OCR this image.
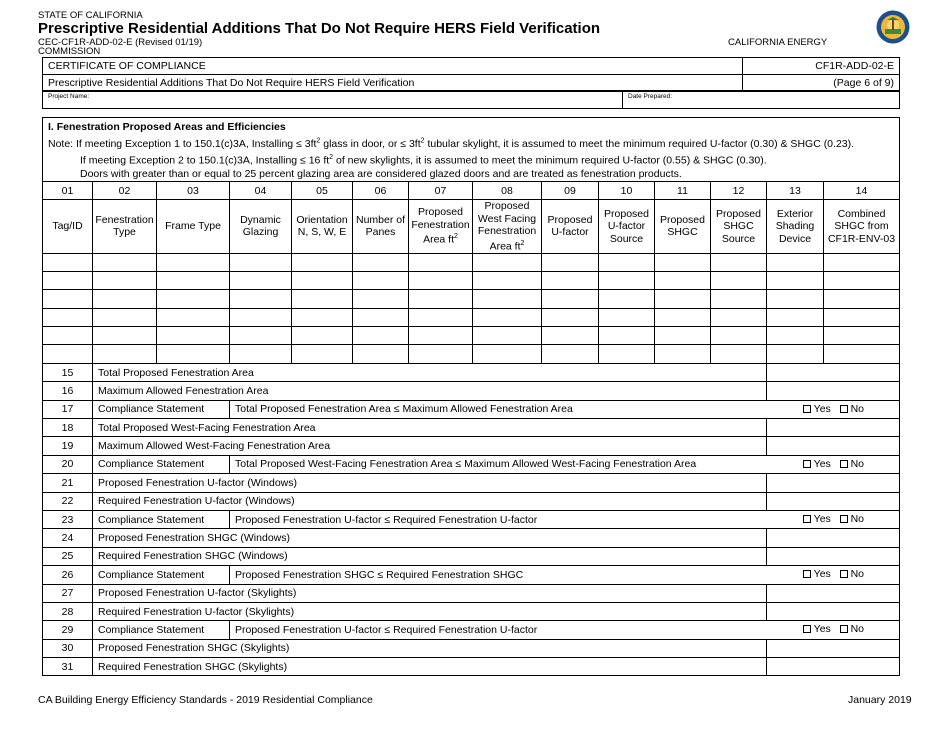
STATE OF CALIFORNIA
Prescriptive Residential Additions That Do Not Require HERS Field Verification
CEC-CF1R-ADD-02-E (Revised 01/19)
COMMISSION
CALIFORNIA ENERGY
CERTIFICATE OF COMPLIANCE	CF1R-ADD-02-E
Prescriptive Residential Additions That Do Not Require HERS Field Verification	(Page 6 of 9)
Project Name:	Date Prepared:
I. Fenestration Proposed Areas and Efficiencies
Note: If meeting Exception 1 to 150.1(c)3A, Installing ≤ $3ft^2$ glass in door, or ≤ $3ft^2$ tubular skylight, it is assumed to meet the minimum required U-factor (0.30) & SHGC (0.23).
If meeting Exception 2 to 150.1(c)3A, Installing ≤ 16 $ft^2$ of new skylights, it is assumed to meet the minimum required U-factor (0.55) & SHGC (0.30).
Doors with greater than or equal to 25 percent glazing area are considered glazed doors and are treated as fenestration products.													

01	02	03	04	05	06	07	08	09	10	11	12	13	14
Tag/ID	Fenestration Type	Frame Type	Dynamic Glazing	Orientation N, S, W, E	Number of Panes	Proposed Fenestration Area $ft^2$	Proposed West Facing Fenestration Area $ft^2$	Proposed U-factor	Proposed U-factor Source	Proposed SHGC	Proposed SHGC Source	Exterior Shading Device	Combined SHGC from CF1R-ENV-03

15	Total Proposed Fenestration Area												
16	Maximum Allowed Fenestration Area												
17	Compliance Statement		Total Proposed Fenestration Area ≤ Maximum Allowed Fenestration Area Yes No										

18	Total Proposed West-Facing Fenestration Area												
19	Maximum Allowed West-Facing Fenestration Area												
20	Compliance Statement		Total Proposed West-Facing Fenestration Area ≤ Maximum Allowed West-Facing Fenestration Area Yes No										

21	Proposed Fenestration U-factor (Windows)												
22	Required Fenestration U-factor (Windows)												
23	Compliance Statement		Proposed Fenestration U-factor ≤ Required Fenestration U-factor Yes No										

24	Proposed Fenestration SHGC (Windows)												
25	Required Fenestration SHGC (Windows)												
26	Compliance Statement		Proposed Fenestration SHGC ≤ Required Fenestration SHGC Yes No										

27	Proposed Fenestration U-factor (Skylights)												
28	Required Fenestration U-factor (Skylights)												
29	Compliance Statement		Proposed Fenestration U-factor ≤ Required Fenestration U-factor Yes No										

30	Proposed Fenestration SHGC (Skylights)												
31	Required Fenestration SHGC (Skylights)												
CA Building Energy Efficiency Standards - 2019 Residential Compliance	January 2019
